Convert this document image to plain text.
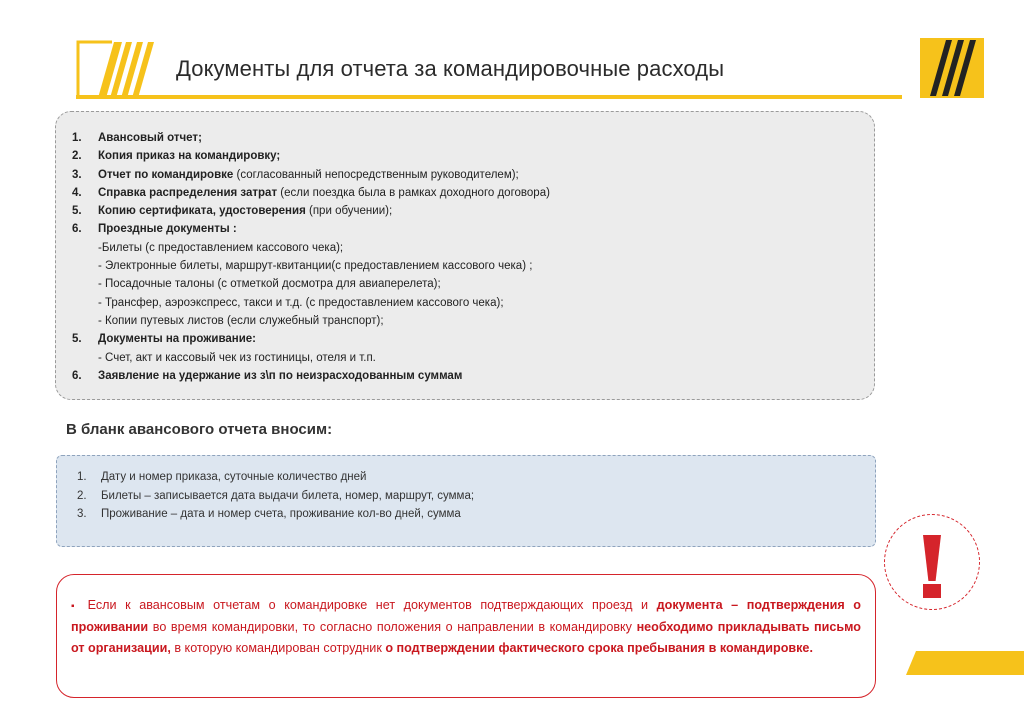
Документы для отчета за командировочные расходы
1. Авансовый отчет;
2. Копия приказ на командировку;
3. Отчет по командировке (согласованный непосредственным руководителем);
4. Справка распределения затрат (если поездка была в рамках доходного договора)
5. Копию сертификата, удостоверения (при обучении);
6. Проездные документы :
-Билеты (с предоставлением кассового чека);
- Электронные билеты, маршрут-квитанции(с предоставлением кассового чека) ;
- Посадочные талоны (с отметкой досмотра для авиаперелета);
- Трансфер, аэроэкспресс, такси и т.д. (с предоставлением кассового чека);
- Копии путевых листов (если служебный транспорт);
5. Документы на проживание:
- Счет, акт и кассовый чек из гостиницы, отеля и т.п.
6. Заявление на удержание из з\п по неизрасходованным суммам
В бланк авансового отчета вносим:
1. Дату и номер приказа, суточные количество дней
2. Билеты – записывается дата выдачи билета, номер, маршрут, сумма;
3. Проживание – дата и номер счета, проживание кол-во дней, сумма

▪ Если к авансовым отчетам о командировке нет документов подтверждающих проезд и документа – подтверждения о проживании во время командировки, то согласно положения о направлении в командировку необходимо прикладывать письмо от организации, в которую командирован сотрудник о подтверждении фактического срока пребывания в командировке.
